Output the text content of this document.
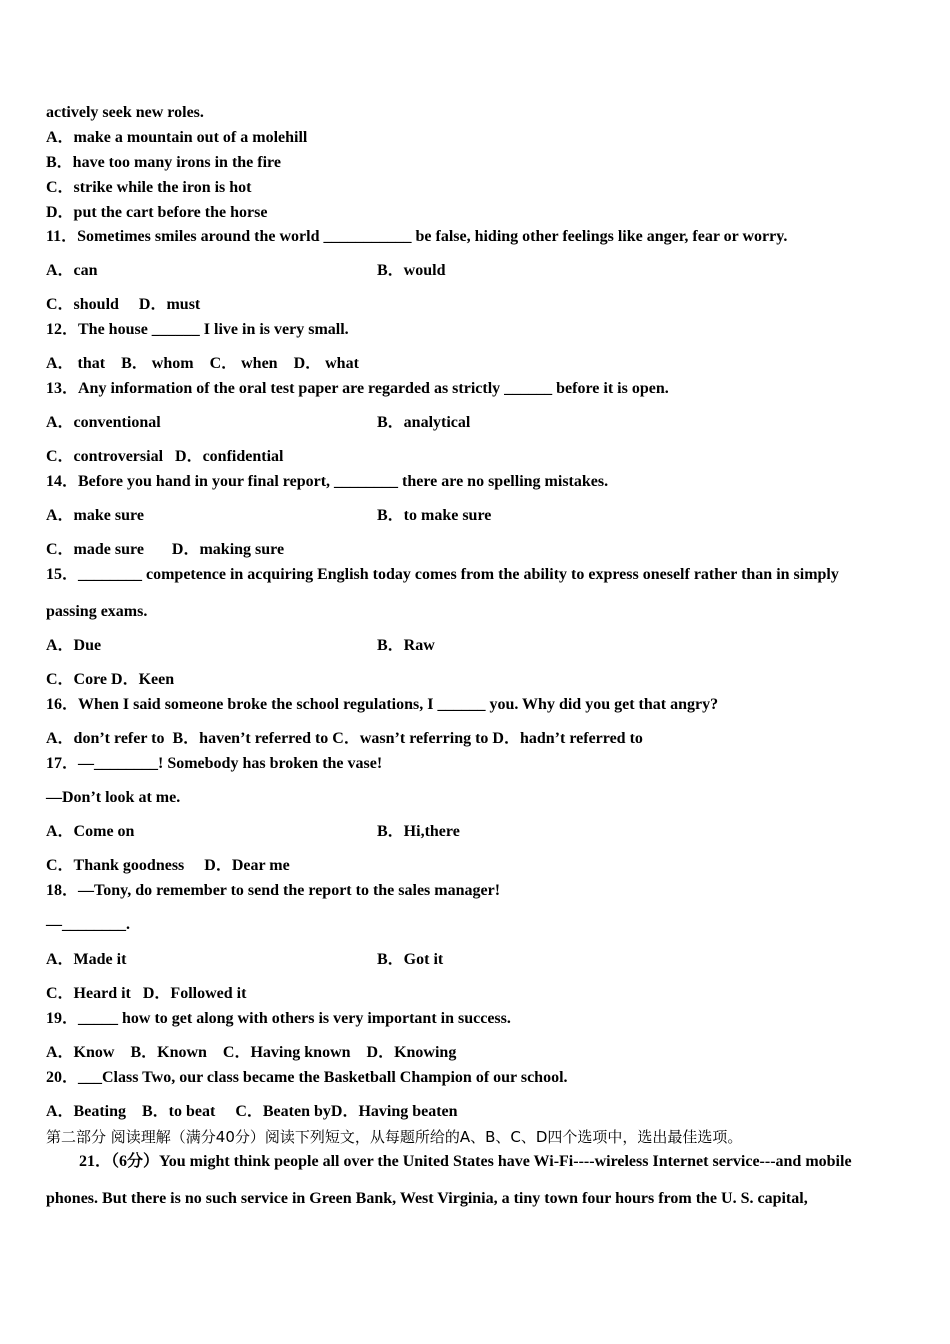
actively seek new roles.
A．make a mountain out of a molehill
B．have too many irons in the fire
C．strike while the iron is hot
D．put the cart before the horse
11．Sometimes smiles around the world ___________ be false, hiding other feelings like anger, fear or worry.
A．can	B．would
C．should     D．must
12．The house ______ I live in is very small.
A． that    B． whom    C． when    D． what
13．Any information of the oral test paper are regarded as strictly ______ before it is open.
A．conventional	B．analytical
C．controversial   D．confidential
14．Before you hand in your final report, ________ there are no spelling mistakes.
A．make sure	B．to make sure
C．made sure       D．making sure
15．________ competence in acquiring English today comes from the ability to express oneself rather than in simply
passing exams.
A．Due	B．Raw
C．Core D．Keen
16．When I said someone broke the school regulations, I ______ you. Why did you get that angry?
A．don’t refer to  B．haven’t referred to C．wasn’t referring to D．hadn’t referred to
17．—________! Somebody has broken the vase!
—Don’t look at me.
A．Come on	B．Hi,there
C．Thank goodness     D．Dear me
18．—Tony, do remember to send the report to the sales manager!
—________.
A．Made it	B．Got it
C．Heard it   D．Followed it
19．_____ how to get along with others is very important in success.
A．Know    B．Known    C．Having known    D．Knowing
20．___Class Two, our class became the Basketball Champion of our school.
A．Beating    B．to beat     C．Beaten byD．Having beaten
第二部分 阅读理解（满分40分）阅读下列短文，从每题所给的A、B、C、D四个选项中，选出最佳选项。
21．（6分）You might think people all over the United States have Wi-Fi----wireless Internet service---and mobile
phones. But there is no such service in Green Bank, West Virginia, a tiny town four hours from the U. S. capital,
